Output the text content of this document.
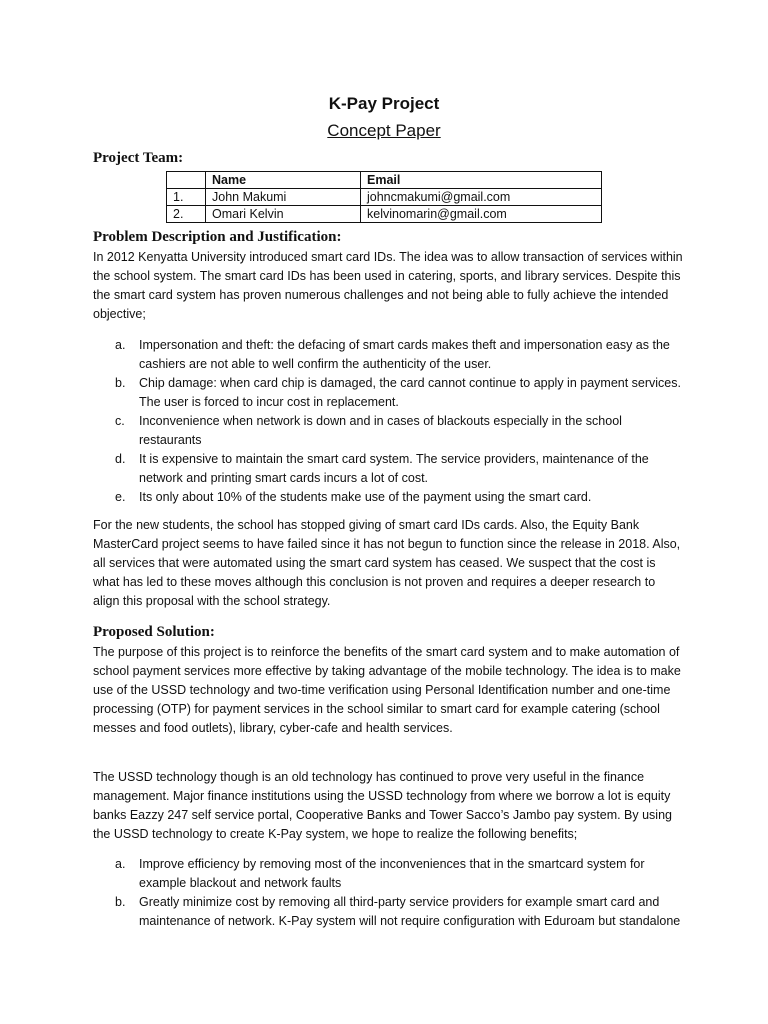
K-Pay Project
Concept Paper
Project Team:
	Name	Email
1.	John Makumi	johncmakumi@gmail.com
2.	Omari Kelvin	kelvinomarin@gmail.com
Problem Description and Justification:

In 2012 Kenyatta University introduced smart card IDs. The idea was to allow transaction of services within the school system. The smart card IDs has been used in catering, sports, and library services. Despite this the smart card system has proven numerous challenges and not being able to fully achieve the intended objective;

a. Impersonation and theft: the defacing of smart cards makes theft and impersonation easy as the cashiers are not able to well confirm the authenticity of the user.
b. Chip damage: when card chip is damaged, the card cannot continue to apply in payment services. The user is forced to incur cost in replacement.
c. Inconvenience when network is down and in cases of blackouts especially in the school restaurants
d. It is expensive to maintain the smart card system. The service providers, maintenance of the network and printing smart cards incurs a lot of cost.
e. Its only about 10% of the students make use of the payment using the smart card.

For the new students, the school has stopped giving of smart card IDs cards. Also, the Equity Bank MasterCard project seems to have failed since it has not begun to function since the release in 2018. Also, all services that were automated using the smart card system has ceased. We suspect that the cost is what has led to these moves although this conclusion is not proven and requires a deeper research to align this proposal with the school strategy.

Proposed Solution:

The purpose of this project is to reinforce the benefits of the smart card system and to make automation of school payment services more effective by taking advantage of the mobile technology. The idea is to make use of the USSD technology and two-time verification using Personal Identification number and one-time processing (OTP) for payment services in the school similar to smart card for example catering (school messes and food outlets), library, cyber-cafe and health services.

The USSD technology though is an old technology has continued to prove very useful in the finance management. Major finance institutions using the USSD technology from where we borrow a lot is equity banks Eazzy 247 self service portal, Cooperative Banks and Tower Sacco’s Jambo pay system. By using the USSD technology to create K-Pay system, we hope to realize the following benefits;

a. Improve efficiency by removing most of the inconveniences that in the smartcard system for example blackout and network faults
b. Greatly minimize cost by removing all third-party service providers for example smart card and maintenance of network. K-Pay system will not require configuration with Eduroam but standalone
